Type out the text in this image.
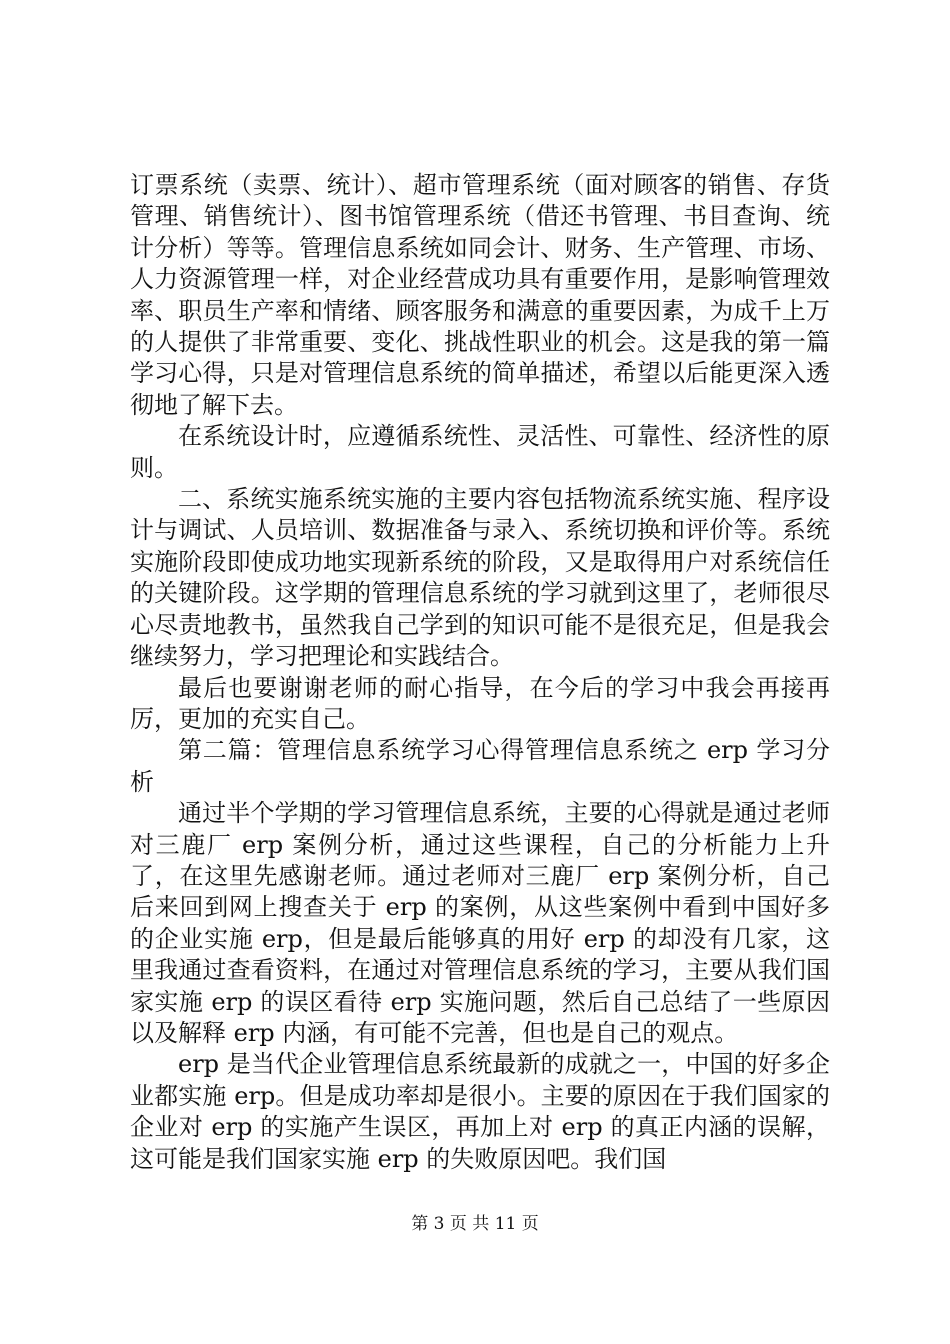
订票系统（卖票、统计）、超市管理系统（面对顾客的销售、存货管理、销售统计）、图书馆管理系统（借还书管理、书目查询、统计分析）等等。管理信息系统如同会计、财务、生产管理、市场、人力资源管理一样，对企业经营成功具有重要作用，是影响管理效率、职员生产率和情绪、顾客服务和满意的重要因素，为成千上万的人提供了非常重要、变化、挑战性职业的机会。这是我的第一篇学习心得，只是对管理信息系统的简单描述，希望以后能更深入透彻地了解下去。

在系统设计时，应遵循系统性、灵活性、可靠性、经济性的原则。

二、系统实施系统实施的主要内容包括物流系统实施、程序设计与调试、人员培训、数据准备与录入、系统切换和评价等。系统实施阶段即使成功地实现新系统的阶段，又是取得用户对系统信任的关键阶段。这学期的管理信息系统的学习就到这里了，老师很尽心尽责地教书，虽然我自己学到的知识可能不是很充足，但是我会继续努力，学习把理论和实践结合。

最后也要谢谢老师的耐心指导，在今后的学习中我会再接再厉，更加的充实自己。

第二篇：管理信息系统学习心得管理信息系统之 erp 学习分析

通过半个学期的学习管理信息系统，主要的心得就是通过老师对三鹿厂 erp 案例分析，通过这些课程，自己的分析能力上升了，在这里先感谢老师。通过老师对三鹿厂 erp 案例分析，自己后来回到网上搜查关于 erp 的案例，从这些案例中看到中国好多的企业实施 erp，但是最后能够真的用好 erp 的却没有几家，这里我通过查看资料，在通过对管理信息系统的学习，主要从我们国家实施 erp 的误区看待 erp 实施问题，然后自己总结了一些原因以及解释 erp 内涵，有可能不完善，但也是自己的观点。

erp 是当代企业管理信息系统最新的成就之一，中国的好多企业都实施 erp。但是成功率却是很小。主要的原因在于我们国家的企业对 erp 的实施产生误区，再加上对 erp 的真正内涵的误解，这可能是我们国家实施 erp 的失败原因吧。我们国

第 3 页 共 11 页
